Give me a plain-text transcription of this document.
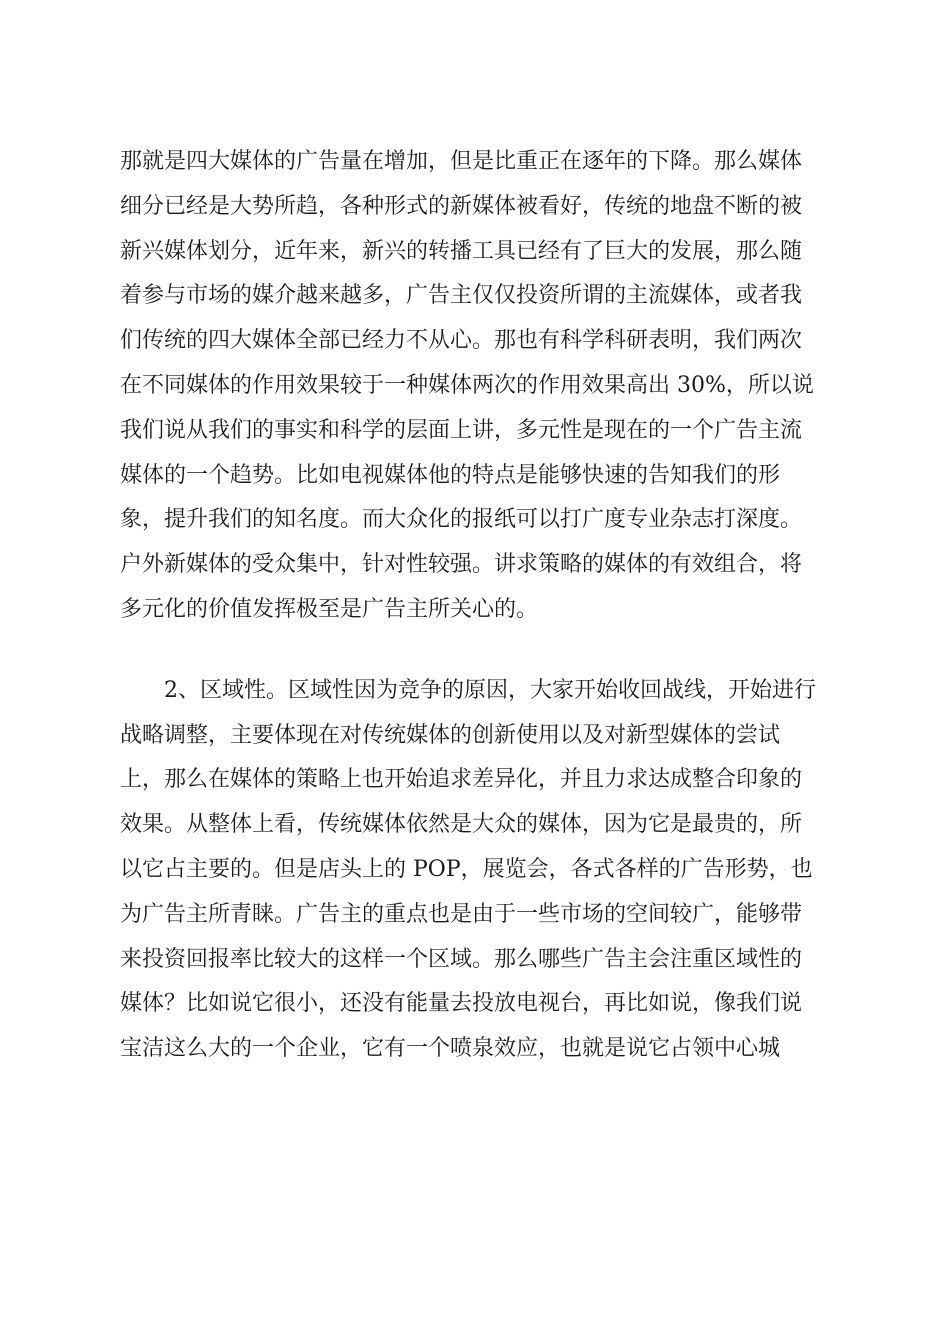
那就是四大媒体的广告量在增加，但是比重正在逐年的下降。那么媒体
细分已经是大势所趋，各种形式的新媒体被看好，传统的地盘不断的被
新兴媒体划分，近年来，新兴的转播工具已经有了巨大的发展，那么随
着参与市场的媒介越来越多，广告主仅仅投资所谓的主流媒体，或者我
们传统的四大媒体全部已经力不从心。那也有科学科研表明，我们两次
在不同媒体的作用效果较于一种媒体两次的作用效果高出 30%，所以说
我们说从我们的事实和科学的层面上讲，多元性是现在的一个广告主流
媒体的一个趋势。比如电视媒体他的特点是能够快速的告知我们的形
象，提升我们的知名度。而大众化的报纸可以打广度专业杂志打深度。
户外新媒体的受众集中，针对性较强。讲求策略的媒体的有效组合，将
多元化的价值发挥极至是广告主所关心的。
　　2、区域性。区域性因为竞争的原因，大家开始收回战线，开始进行
战略调整，主要体现在对传统媒体的创新使用以及对新型媒体的尝试
上，那么在媒体的策略上也开始追求差异化，并且力求达成整合印象的
效果。从整体上看，传统媒体依然是大众的媒体，因为它是最贵的，所
以它占主要的。但是店头上的 POP，展览会，各式各样的广告形势，也
为广告主所青睐。广告主的重点也是由于一些市场的空间较广，能够带
来投资回报率比较大的这样一个区域。那么哪些广告主会注重区域性的
媒体？比如说它很小，还没有能量去投放电视台，再比如说，像我们说
宝洁这么大的一个企业，它有一个喷泉效应，也就是说它占领中心城
